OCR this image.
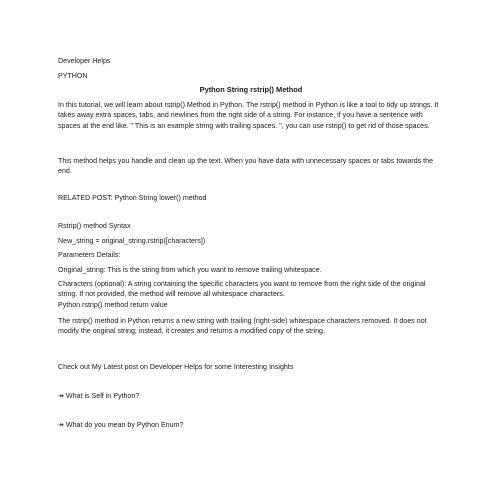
Developer Helps

PYTHON

Python String rstrip() Method

In this tutorial, we will learn about rstrip() Method in Python. The rstrip() method in Python is like a tool to tidy up strings. It takes away extra spaces, tabs, and newlines from the right side of a string. For instance, if you have a sentence with spaces at the end like. " This is an example string with trailing spaces. ", you can use rstrip() to get rid of those spaces.

This method helps you handle and clean up the text. When you have data with unnecessary spaces or tabs towards the end.

RELATED POST: Python String lower() method

Rstrip() method Syntax

New_string = original_string.rstrip([characters])

Parameters Details:

Original_string: This is the string from which you want to remove trailing whitespace.

Characters (optional): A string containing the specific characters you want to remove from the right side of the original string. If not provided, the method will remove all whitespace characters.

Python rstrip() method return value

The rstrip() method in Python returns a new string with trailing (right-side) whitespace characters removed. It does not modify the original string; instead, it creates and returns a modified copy of the string.

Check out My Latest post on Developer Helps for some Interesting Insights

↠ What is Self in Python?

↠ What do you mean by Python Enum?
